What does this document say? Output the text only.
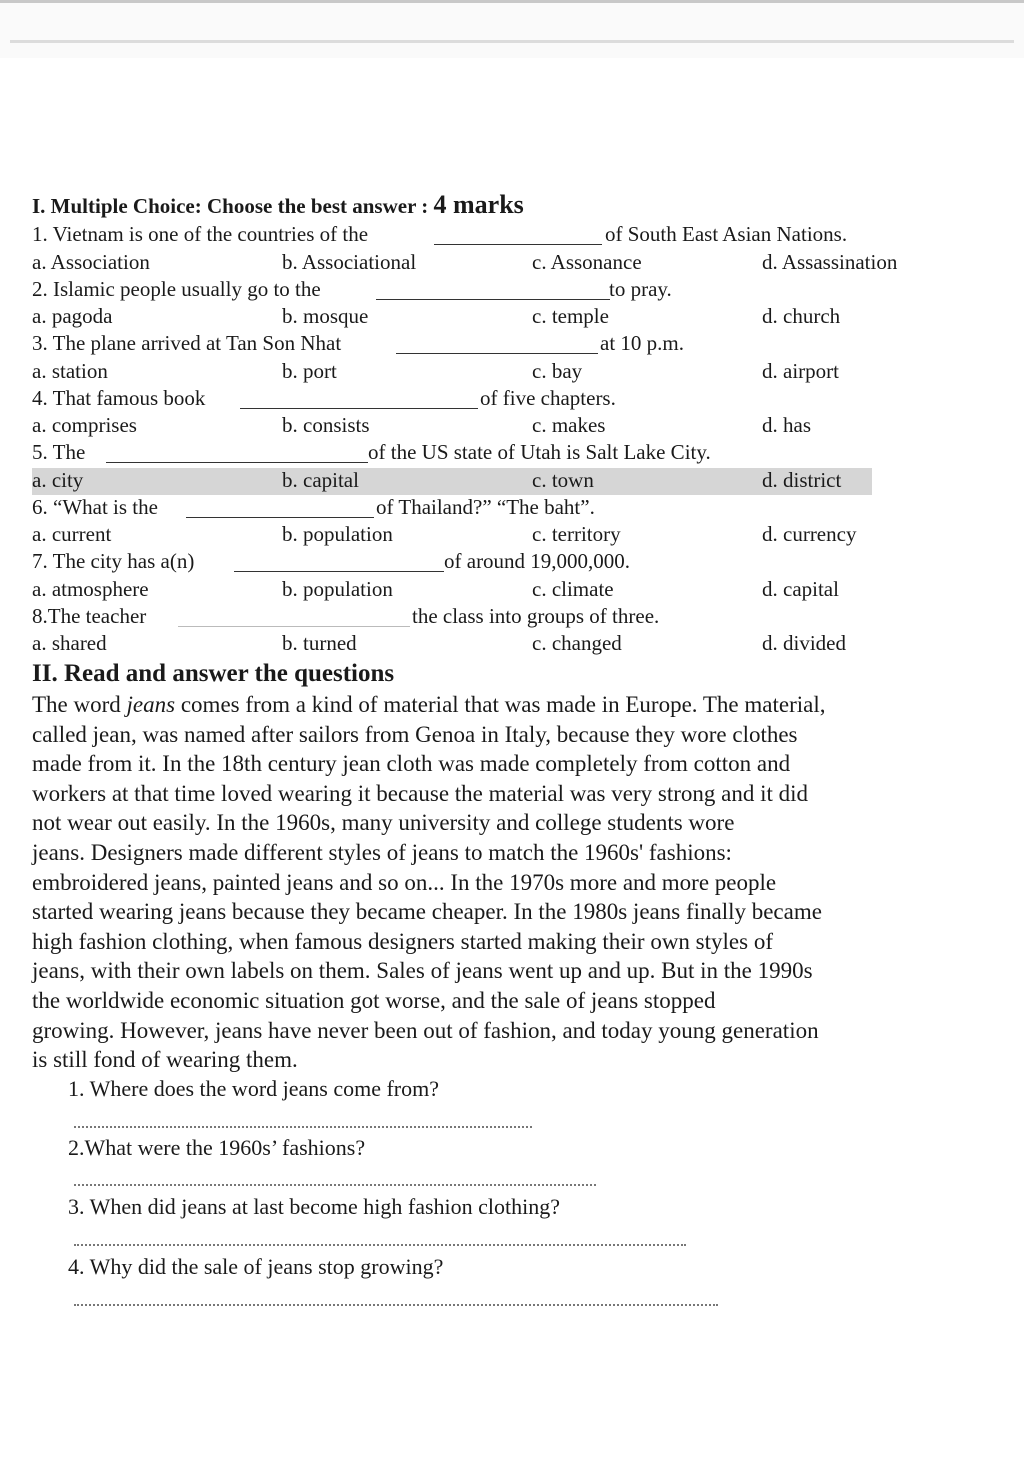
I. Multiple Choice: Choose the best answer : 4 marks
1. Vietnam is one of the countries of the	of South East Asian Nations.
a. Association	b. Associational	c. Assonance	d. Assassination
2. Islamic people usually go to the	to pray.
a. pagoda	b. mosque	c. temple	d. church
3. The plane arrived at Tan Son Nhat	at 10 p.m.
a. station	b. port	c. bay	d. airport
4. That famous book	of five chapters.
a. comprises	b. consists	c. makes	d. has
5. The	of the US state of Utah is Salt Lake City.
a. city	b. capital	c. town	d. district
6. “What is the	of Thailand?” “The baht”.
a. current	b. population	c. territory	d. currency
7. The city has a(n)	of around 19,000,000.
a. atmosphere	b. population	c. climate	d. capital
8.The teacher	the class into groups of three.
a. shared	b. turned	c. changed	d. divided
II. Read and answer the questions

The word jeans comes from a kind of material that was made in Europe. The material,

called jean, was named after sailors from Genoa in Italy, because they wore clothes

made from it. In the 18th century jean cloth was made completely from cotton and

workers at that time loved wearing it because the material was very strong and it did

not wear out easily. In the 1960s, many university and college students wore

jeans. Designers made different styles of jeans to match the 1960s' fashions:

embroidered jeans, painted jeans and so on... In the 1970s more and more people

started wearing jeans because they became cheaper. In the 1980s jeans finally became

high fashion clothing, when famous designers started making their own styles of

jeans, with their own labels on them. Sales of jeans went up and up. But in the 1990s

the worldwide economic situation got worse, and the sale of jeans stopped

growing. However, jeans have never been out of fashion, and today young generation

is still fond of wearing them.

1. Where does the word jeans come from?
2.What were the 1960s’ fashions?
3. When did jeans at last become high fashion clothing?
4. Why did the sale of jeans stop growing?
